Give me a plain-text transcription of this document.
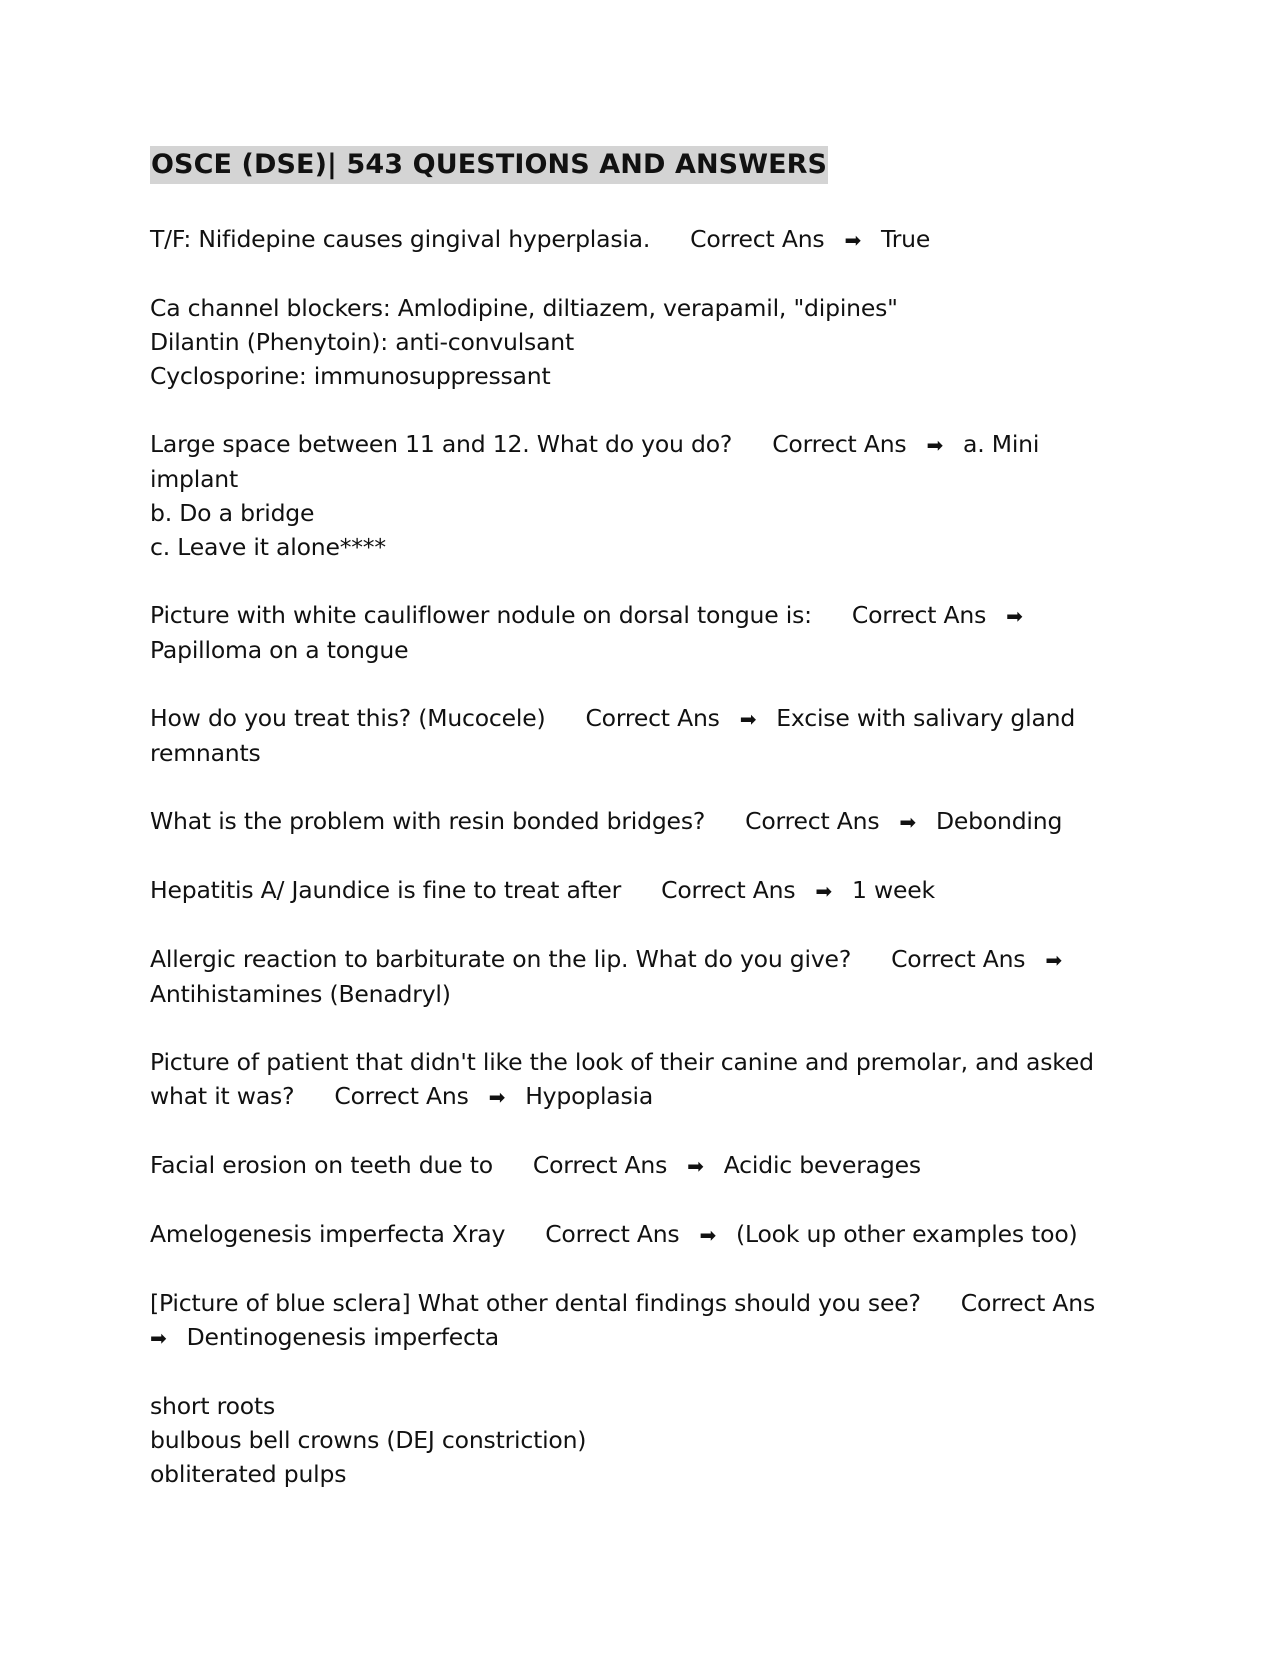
OSCE (DSE)| 543 QUESTIONS AND ANSWERS
T/F: Nifidepine causes gingival hyperplasia. Correct Ans ➡ True
Ca channel blockers: Amlodipine, diltiazem, verapamil, "dipines"
Dilantin (Phenytoin): anti-convulsant
Cyclosporine: immunosuppressant
Large space between 11 and 12. What do you do? Correct Ans ➡ a. Mini
implant
b. Do a bridge
c. Leave it alone****
Picture with white cauliflower nodule on dorsal tongue is: Correct Ans ➡
Papilloma on a tongue
How do you treat this? (Mucocele) Correct Ans ➡ Excise with salivary gland
remnants
What is the problem with resin bonded bridges? Correct Ans ➡ Debonding
Hepatitis A/ Jaundice is fine to treat after Correct Ans ➡ 1 week
Allergic reaction to barbiturate on the lip. What do you give? Correct Ans ➡
Antihistamines (Benadryl)
Picture of patient that didn't like the look of their canine and premolar, and asked
what it was? Correct Ans ➡ Hypoplasia
Facial erosion on teeth due to Correct Ans ➡ Acidic beverages
Amelogenesis imperfecta Xray Correct Ans ➡ (Look up other examples too)
[Picture of blue sclera] What other dental findings should you see? Correct Ans
➡ Dentinogenesis imperfecta
short roots
bulbous bell crowns (DEJ constriction)
obliterated pulps
